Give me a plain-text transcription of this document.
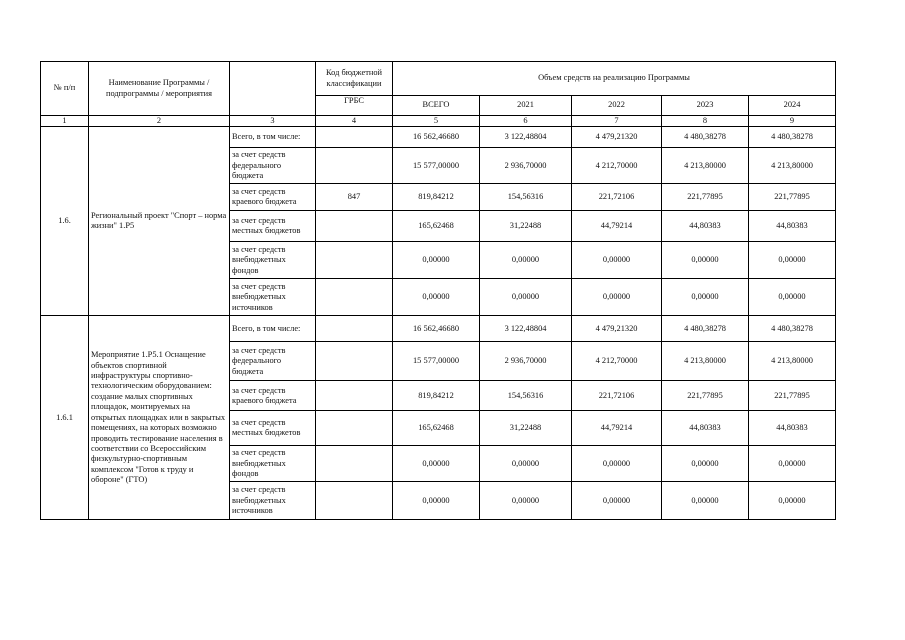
№ п/п	Наименование Программы / подпрограммы / мероприятия		Код бюджетной классификации	Объем средств на реализацию Программы				
			ГРБС	ВСЕГО	2021	2022	2023	2024
1	2	3	4	5	6	7	8	9
1.6.	Региональный проект "Спорт – норма жизни" 1.Р5	Всего, в том числе:		16 562,46680	3 122,48804	4 479,21320	4 480,38278	4 480,38278
		за счет средств федерального бюджета		15 577,00000	2 936,70000	4 212,70000	4 213,80000	4 213,80000
		за счет средств краевого бюджета	847	819,84212	154,56316	221,72106	221,77895	221,77895
		за счет средств местных бюджетов		165,62468	31,22488	44,79214	44,80383	44,80383
		за счет средств внебюджетных фондов		0,00000	0,00000	0,00000	0,00000	0,00000
		за счет средств внебюджетных источников		0,00000	0,00000	0,00000	0,00000	0,00000
1.6.1	Мероприятие 1.Р5.1 Оснащение объектов спортивной инфраструктуры спортивно-технологическим оборудованием: создание малых спортивных площадок, монтируемых на открытых площадках или в закрытых помещениях, на которых возможно проводить тестирование населения в соответствии со Всероссийским физкультурно-спортивным комплексом "Готов к труду и обороне" (ГТО)	Всего, в том числе:		16 562,46680	3 122,48804	4 479,21320	4 480,38278	4 480,38278
		за счет средств федерального бюджета		15 577,00000	2 936,70000	4 212,70000	4 213,80000	4 213,80000
		за счет средств краевого бюджета		819,84212	154,56316	221,72106	221,77895	221,77895
		за счет средств местных бюджетов		165,62468	31,22488	44,79214	44,80383	44,80383
		за счет средств внебюджетных фондов		0,00000	0,00000	0,00000	0,00000	0,00000
		за счет средств внебюджетных источников		0,00000	0,00000	0,00000	0,00000	0,00000
